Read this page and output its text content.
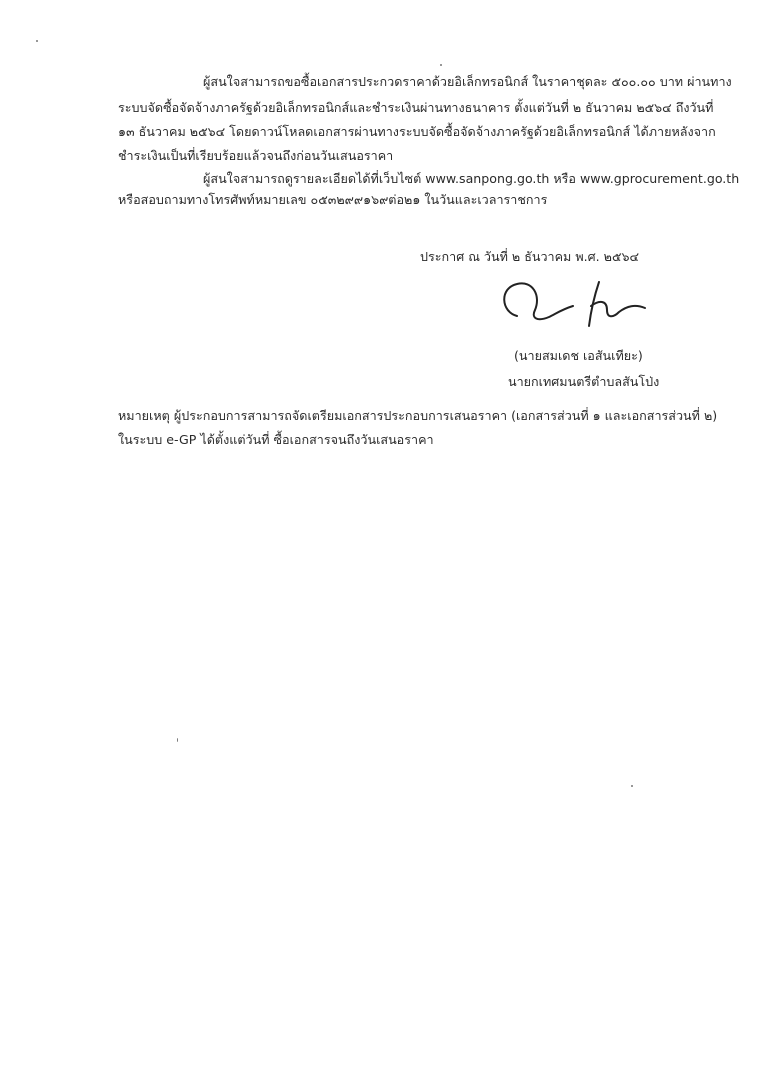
ผู้สนใจสามารถขอซื้อเอกสารประกวดราคาด้วยอิเล็กทรอนิกส์ ในราคาชุดละ ๕๐๐.๐๐ บาท ผ่านทาง
ระบบจัดซื้อจัดจ้างภาครัฐด้วยอิเล็กทรอนิกส์และชำระเงินผ่านทางธนาคาร ตั้งแต่วันที่ ๒ ธันวาคม ๒๕๖๔ ถึงวันที่
๑๓ ธันวาคม ๒๕๖๔ โดยดาวน์โหลดเอกสารผ่านทางระบบจัดซื้อจัดจ้างภาครัฐด้วยอิเล็กทรอนิกส์ ได้ภายหลังจาก
ชำระเงินเป็นที่เรียบร้อยแล้วจนถึงก่อนวันเสนอราคา
ผู้สนใจสามารถดูรายละเอียดได้ที่เว็บไซต์ www.sanpong.go.th หรือ www.gprocurement.go.th
หรือสอบถามทางโทรศัพท์หมายเลข ๐๕๓๒๙๙๑๖๙ต่อ๒๑ ในวันและเวลาราชการ
ประกาศ ณ วันที่ ๒ ธันวาคม พ.ศ. ๒๕๖๔
(นายสมเดช เอสันเทียะ)
นายกเทศมนตรีตำบลสันโป่ง
หมายเหตุ ผู้ประกอบการสามารถจัดเตรียมเอกสารประกอบการเสนอราคา (เอกสารส่วนที่ ๑ และเอกสารส่วนที่ ๒)
ในระบบ e-GP ได้ตั้งแต่วันที่ ซื้อเอกสารจนถึงวันเสนอราคา
